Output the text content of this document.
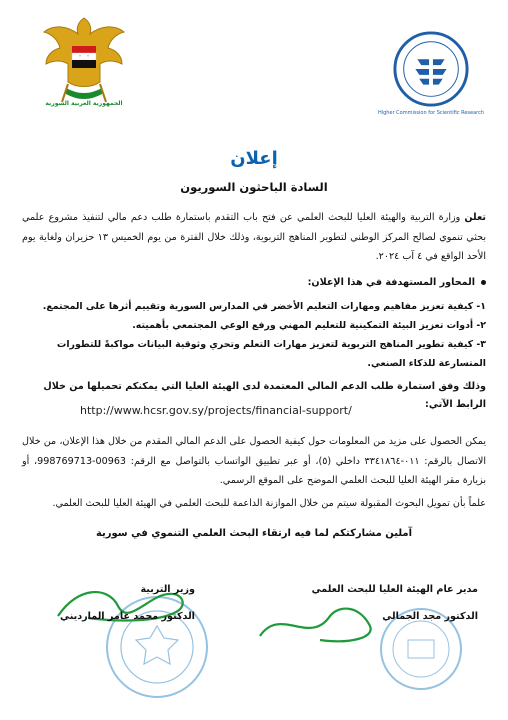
الجمهورية العربية السورية
Higher Commission for Scientific Research
إعلان
السادة الباحثون السوريون
تعلن وزارة التربية والهيئة العليا للبحث العلمي عن فتح باب التقدم باستمارة طلب دعم مالي لتنفيذ مشروع علمي بحثي تنموي لصالح المركز الوطني لتطوير المناهج التربوية، وذلك خلال الفترة من يوم الخميس ١٣ حزيران ولغاية يوم الأحد الواقع في ٤ آب ٢٠٢٤.
المحاور المستهدفة في هذا الإعلان:
١- كيفية تعزيز مفاهيم ومهارات التعليم الأخضر في المدارس السورية وتقييم أثرها على المجتمع.
٢- أدوات تعزيز البيئة التمكينية للتعليم المهني ورفع الوعي المجتمعي بأهميته.
٣- كيفية تطوير المناهج التربوية لتعزيز مهارات التعلم وتحري وثوقية البيانات مواكبةً للتطورات المتسارعة للذكاء الصنعي.
وذلك وفق استمارة طلب الدعم المالي المعتمدة لدى الهيئة العليا التي يمكنكم تحميلها من خلال الرابط الآتي:
http://www.hcsr.gov.sy/projects/financial-support/
يمكن الحصول على مزيد من المعلومات حول كيفية الحصول على الدعم المالي المقدم من خلال هذا الإعلان، من خلال الاتصال بالرقم: ٠١١-٣٣٤١٨٦٤ داخلي (٥)، أو عبر تطبيق الواتساب بالتواصل مع الرقم: 00963-998769713، أو بزيارة مقر الهيئة العليا للبحث العلمي الموضح على الموقع الرسمي.
علماً بأن تمويل البحوث المقبولة سيتم من خلال الموازنة الداعمة للبحث العلمي في الهيئة العليا للبحث العلمي.
آملين مشاركتكم لما فيه ارتقاء البحث العلمي التنموي في سورية
مدير عام الهيئة العليا للبحث العلمي
الدكتور مجد الجمالي
وزير التربية
الدكتور محمد عامر المارديني
